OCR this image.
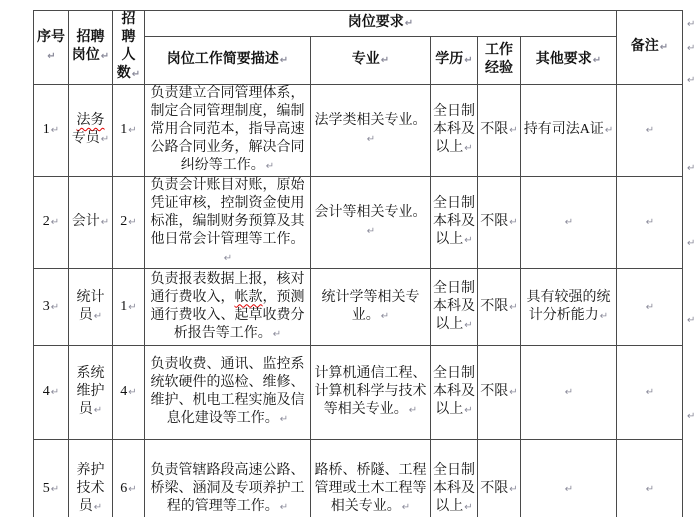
序号↵	招聘岗位↵	招聘人数↵	岗位要求↵					备注↵
			岗位工作简要描述↵	专业↵	学历↵	工作经验	其他要求↵	
1↵	法务专员↵	1↵	负责建立合同管理体系，制定合同管理制度，编制常用合同范本，指导高速公路合同业务，解决合同纠纷等工作。↵	法学类相关专业。↵	全日制本科及以上↵	不限↵	持有司法A证↵	↵
2↵	会计↵	2↵	负责会计账目对账，原始凭证审核，控制资金使用标准，编制财务预算及其他日常会计管理等工作。↵	会计等相关专业。↵	全日制本科及以上↵	不限↵	↵	↵
3↵	统计员↵	1↵	负责报表数据上报，核对通行费收入，帐款，预测通行费收入、起草收费分析报告等工作。↵	统计学等相关专业。↵	全日制本科及以上↵	不限↵	具有较强的统计分析能力↵	↵
4↵	系统维护员↵	4↵	负责收费、通讯、监控系统软硬件的巡检、维修、维护、机电工程实施及信息化建设等工作。↵	计算机通信工程、计算机科学与技术等相关专业。↵	全日制本科及以上↵	不限↵	↵	↵
5↵	养护技术员↵	6↵	负责管辖路段高速公路、桥梁、涵洞及专项养护工程的管理等工作。↵	路桥、桥隧、工程管理或土木工程等相关专业。↵	全日制本科及以上↵	不限↵	↵	↵
↵
↵
↵
↵
↵
↵
↵
